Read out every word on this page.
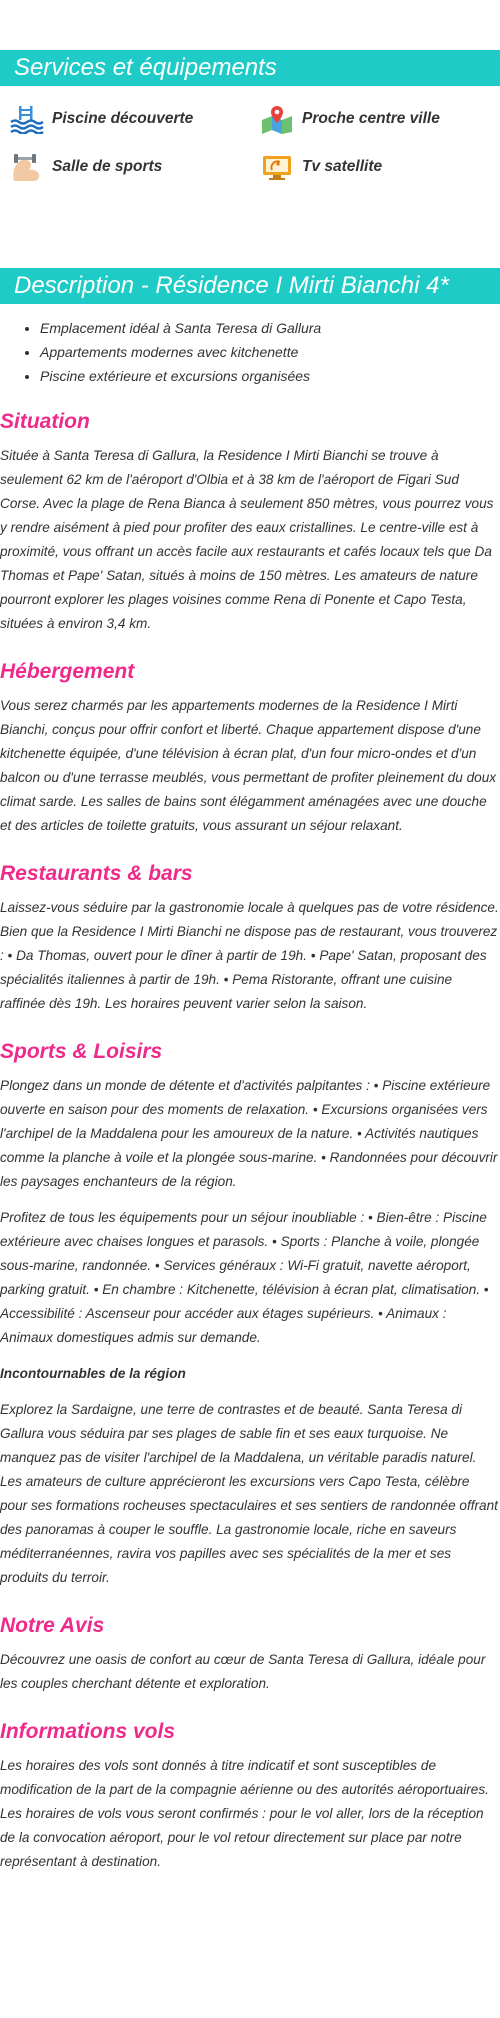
Services et équipements
Piscine découverte	Proche centre ville
Salle de sports	Tv satellite
Description - Résidence I Mirti Bianchi 4*
• Emplacement idéal à Santa Teresa di Gallura
• Appartements modernes avec kitchenette
• Piscine extérieure et excursions organisées
Situation

Située à Santa Teresa di Gallura, la Residence I Mirti Bianchi se trouve à seulement 62 km de l'aéroport d'Olbia et à 38 km de l'aéroport de Figari Sud Corse. Avec la plage de Rena Bianca à seulement 850 mètres, vous pourrez vous y rendre aisément à pied pour profiter des eaux cristallines. Le centre-ville est à proximité, vous offrant un accès facile aux restaurants et cafés locaux tels que Da Thomas et Pape' Satan, situés à moins de 150 mètres. Les amateurs de nature pourront explorer les plages voisines comme Rena di Ponente et Capo Testa, situées à environ 3,4 km.

Hébergement

Vous serez charmés par les appartements modernes de la Residence I Mirti Bianchi, conçus pour offrir confort et liberté. Chaque appartement dispose d'une kitchenette équipée, d'une télévision à écran plat, d'un four micro-ondes et d'un balcon ou d'une terrasse meublés, vous permettant de profiter pleinement du doux climat sarde. Les salles de bains sont élégamment aménagées avec une douche et des articles de toilette gratuits, vous assurant un séjour relaxant.

Restaurants & bars

Laissez-vous séduire par la gastronomie locale à quelques pas de votre résidence. Bien que la Residence I Mirti Bianchi ne dispose pas de restaurant, vous trouverez : • Da Thomas, ouvert pour le dîner à partir de 19h. • Pape' Satan, proposant des spécialités italiennes à partir de 19h. • Pema Ristorante, offrant une cuisine raffinée dès 19h. Les horaires peuvent varier selon la saison.

Sports & Loisirs

Plongez dans un monde de détente et d'activités palpitantes : • Piscine extérieure ouverte en saison pour des moments de relaxation. • Excursions organisées vers l'archipel de la Maddalena pour les amoureux de la nature. • Activités nautiques comme la planche à voile et la plongée sous-marine. • Randonnées pour découvrir les paysages enchanteurs de la région.

Profitez de tous les équipements pour un séjour inoubliable : • Bien-être : Piscine extérieure avec chaises longues et parasols. • Sports : Planche à voile, plongée sous-marine, randonnée. • Services généraux : Wi-Fi gratuit, navette aéroport, parking gratuit. • En chambre : Kitchenette, télévision à écran plat, climatisation. • Accessibilité : Ascenseur pour accéder aux étages supérieurs. • Animaux : Animaux domestiques admis sur demande.

Incontournables de la région

Explorez la Sardaigne, une terre de contrastes et de beauté. Santa Teresa di Gallura vous séduira par ses plages de sable fin et ses eaux turquoise. Ne manquez pas de visiter l'archipel de la Maddalena, un véritable paradis naturel. Les amateurs de culture apprécieront les excursions vers Capo Testa, célèbre pour ses formations rocheuses spectaculaires et ses sentiers de randonnée offrant des panoramas à couper le souffle. La gastronomie locale, riche en saveurs méditerranéennes, ravira vos papilles avec ses spécialités de la mer et ses produits du terroir.

Notre Avis

Découvrez une oasis de confort au cœur de Santa Teresa di Gallura, idéale pour les couples cherchant détente et exploration.

Informations vols

Les horaires des vols sont donnés à titre indicatif et sont susceptibles de modification de la part de la compagnie aérienne ou des autorités aéroportuaires.

Les horaires de vols vous seront confirmés : pour le vol aller, lors de la réception de la convocation aéroport, pour le vol retour directement sur place par notre représentant à destination.
